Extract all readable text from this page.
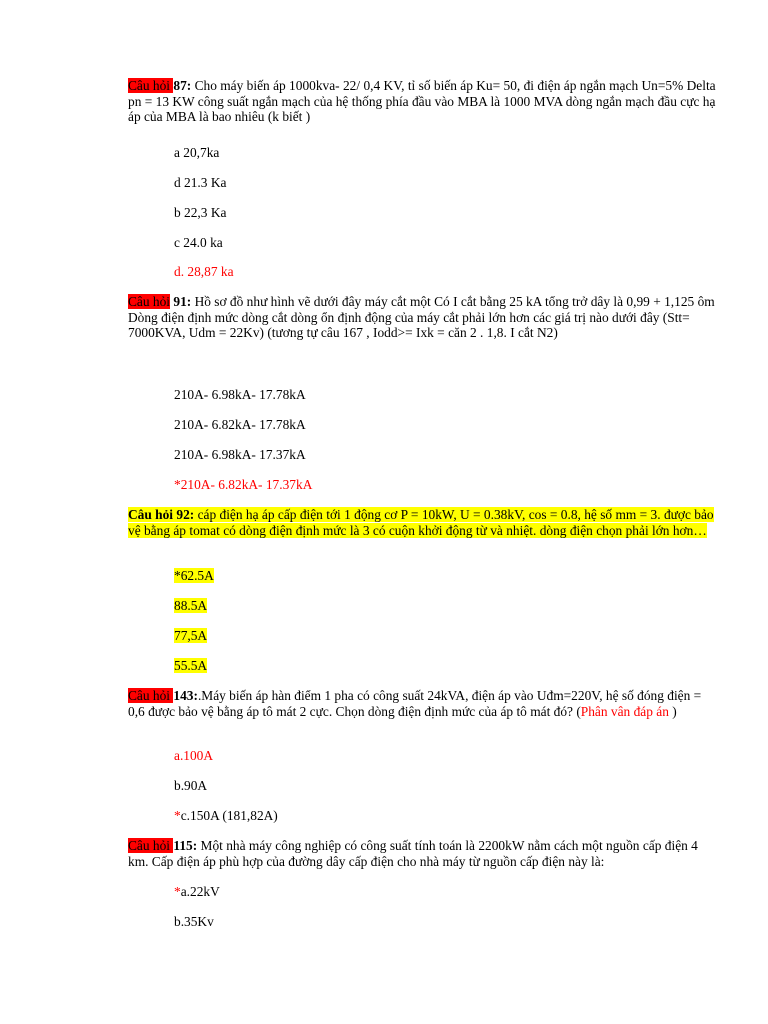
Câu hỏi 87: Cho máy biến áp 1000kva- 22/ 0,4 KV, tỉ số biến áp Ku= 50, đi điện áp ngắn mạch Un=5% Delta pn = 13 KW công suất ngắn mạch của hệ thống phía đầu vào MBA là 1000 MVA dòng ngắn mạch đầu cực hạ áp của MBA là bao nhiêu (k biết )
a 20,7ka
d 21.3 Ka
b 22,3 Ka
c 24.0 ka
d. 28,87 ka
Câu hỏi 91: Hồ sơ đồ như hình vẽ dưới đây máy cắt một Có I cắt bằng 25 kA tổng trở dây là 0,99 + 1,125 ôm Dòng điện định mức dòng cắt dòng ổn định động của máy cắt phải lớn hơn các giá trị nào dưới đây (Stt= 7000KVA, Udm = 22Kv) (tương tự câu 167 , Iodd>= Ixk = căn 2 . 1,8. I cắt N2)
210A- 6.98kA- 17.78kA
210A- 6.82kA- 17.78kA
210A- 6.98kA- 17.37kA
*210A- 6.82kA- 17.37kA
Câu hỏi 92: cáp điện hạ áp cấp điện tới 1 động cơ P = 10kW, U = 0.38kV, cos = 0.8, hệ số mm = 3. được bảo vệ bằng áp tomat có dòng điện định mức là 3 có cuộn khởi động từ và nhiệt. dòng điện chọn phải lớn hơn…
*62.5A
88.5A
77,5A
55.5A
Câu hỏi 143:.Máy biến áp hàn điểm 1 pha có công suất 24kVA, điện áp vào Uđm=220V, hệ số đóng điện = 0,6 được bảo vệ bằng áp tô mát 2 cực. Chọn dòng điện định mức của áp tô mát đó? (Phân vân đáp án )
a.100A
b.90A
*c.150A (181,82A)
Câu hỏi 115: Một nhà máy công nghiệp có công suất tính toán là 2200kW nằm cách một nguồn cấp điện 4 km. Cấp điện áp phù hợp của đường dây cấp điện cho nhà máy từ nguồn cấp điện này là:
*a.22kV
b.35Kv
